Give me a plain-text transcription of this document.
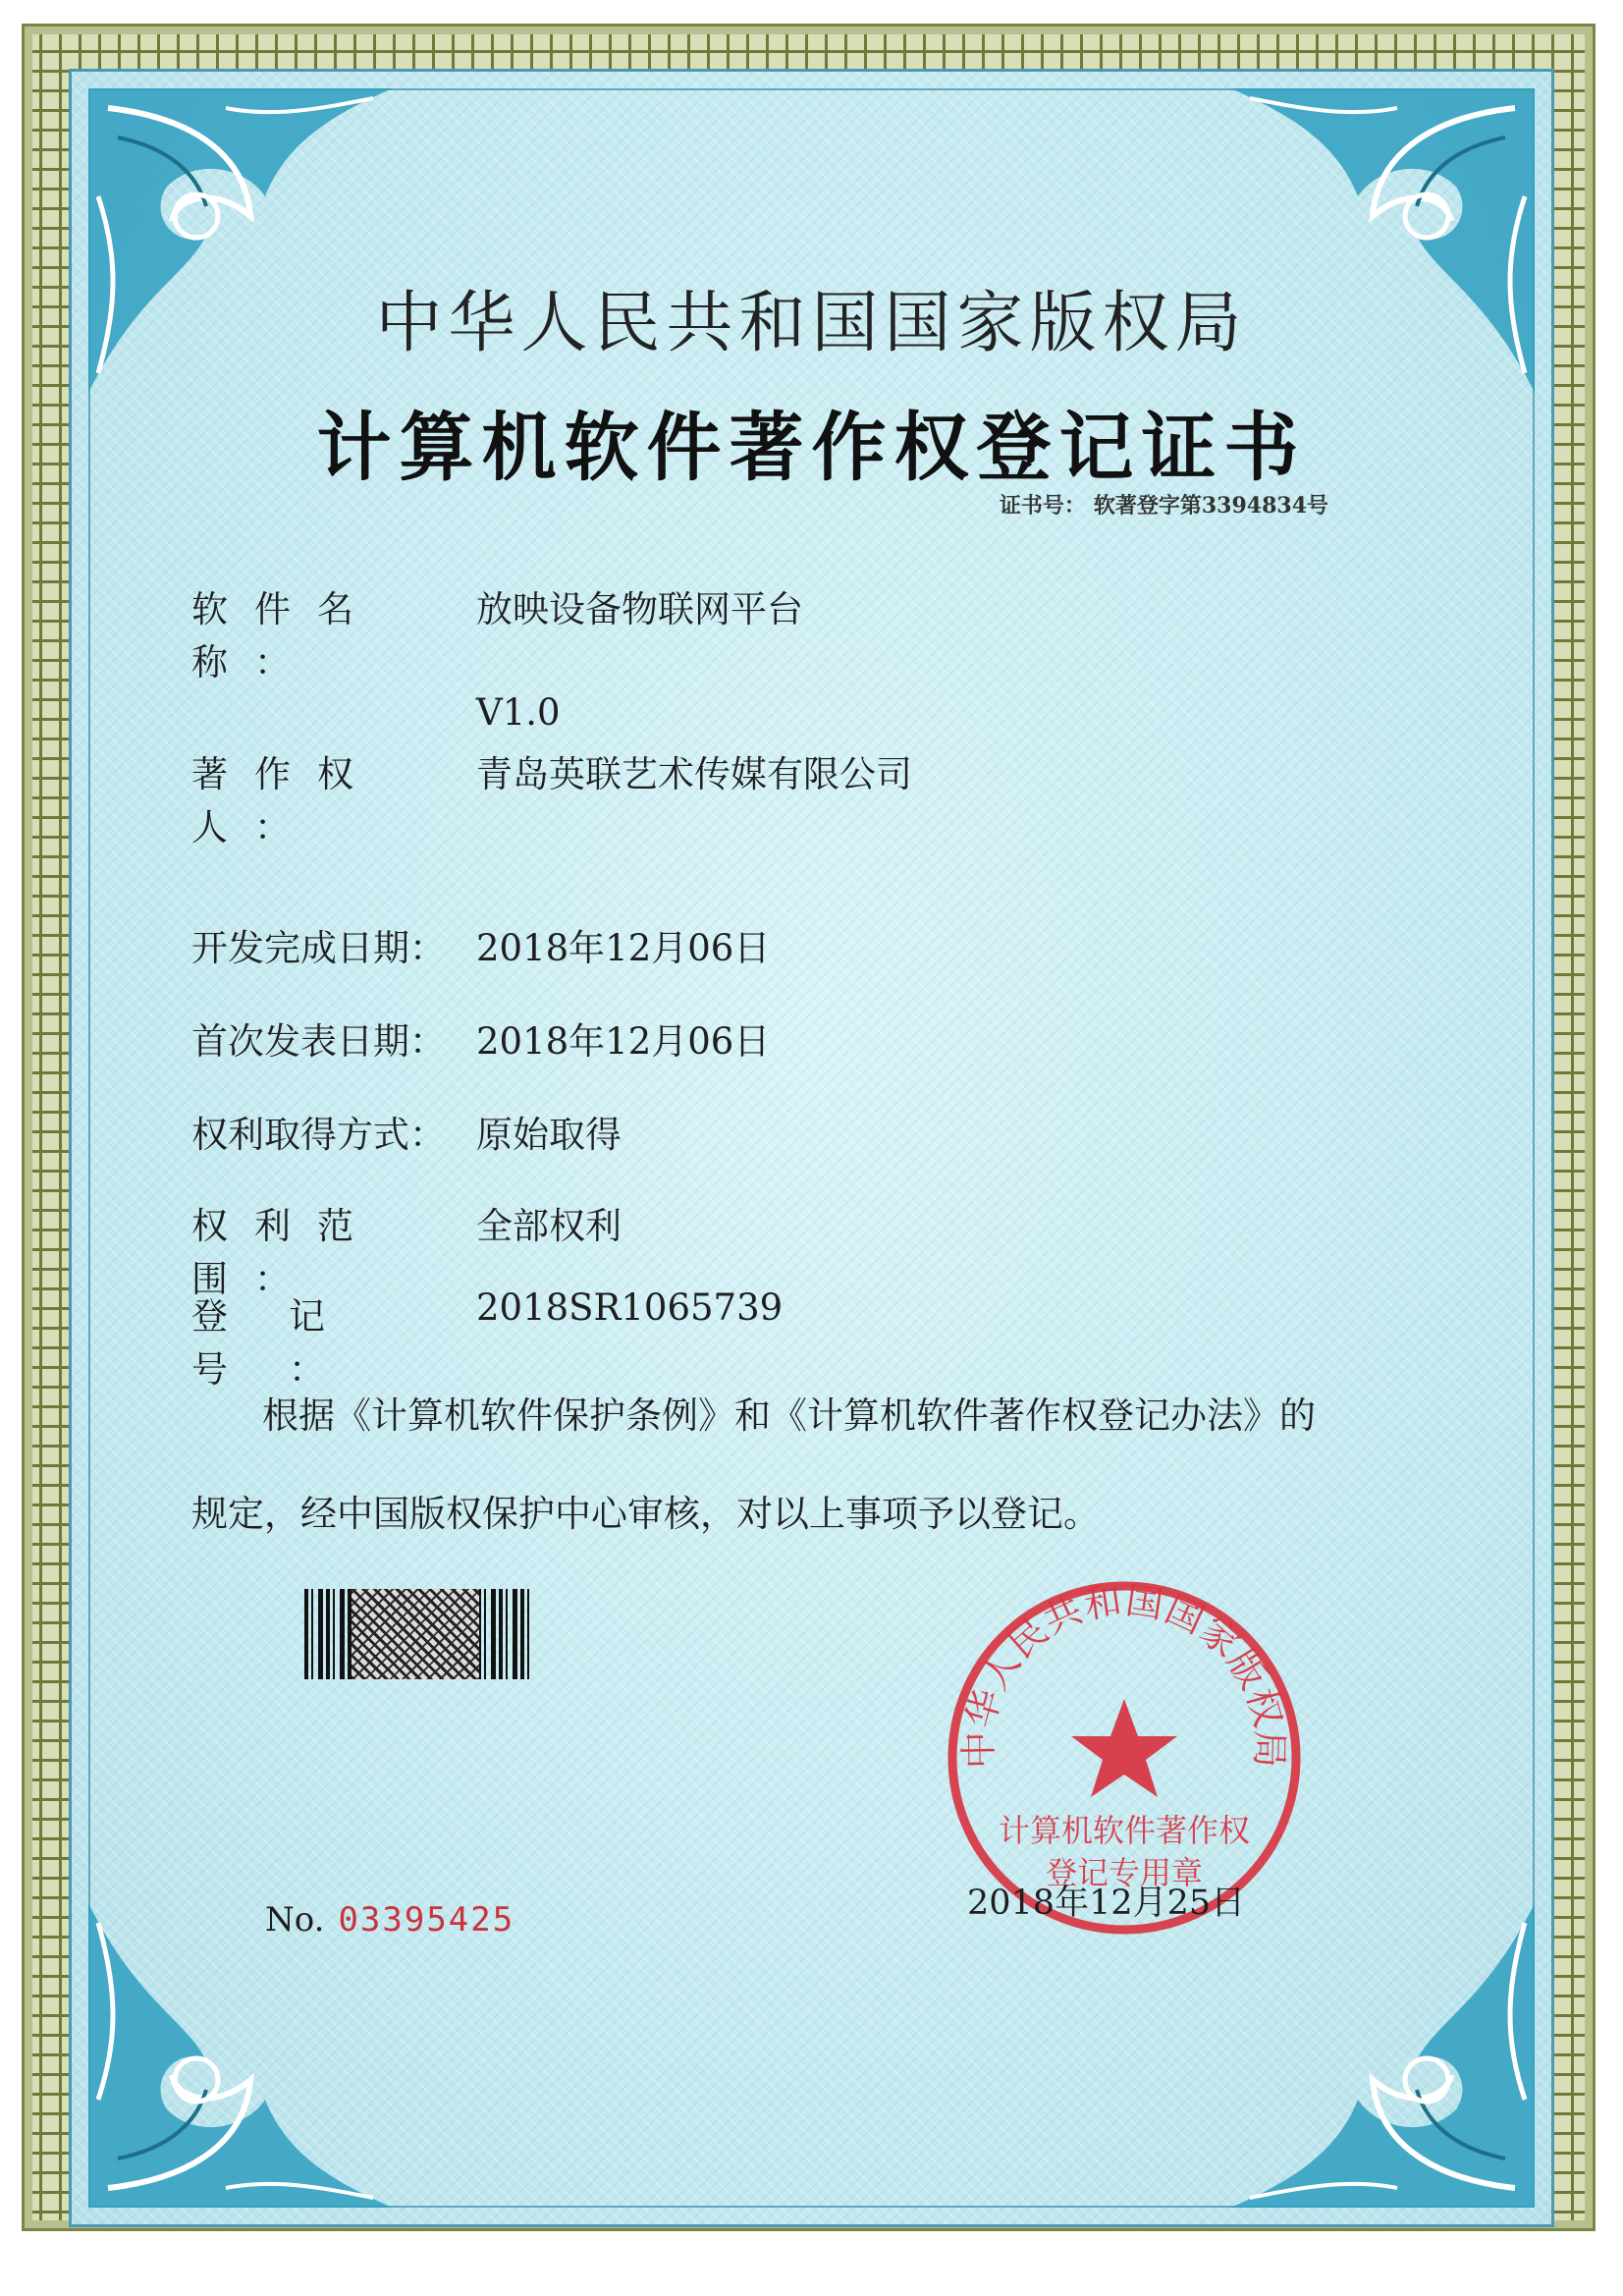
中华人民共和国国家版权局
计算机软件著作权登记证书
证书号： 软著登字第3394834号
软件名称：放映设备物联网平台
V1.0
著作权人：青岛英联艺术传媒有限公司
开发完成日期： 2018年12月06日
首次发表日期： 2018年12月06日
权利取得方式： 原始取得
权利范围：全部权利
登记号：2018SR1065739
根据《计算机软件保护条例》和《计算机软件著作权登记办法》的
规定，经中国版权保护中心审核，对以上事项予以登记。
中华人民共和国国家版权局
计算机软件著作权
登记专用章
No. 03395425	2018年12月25日
